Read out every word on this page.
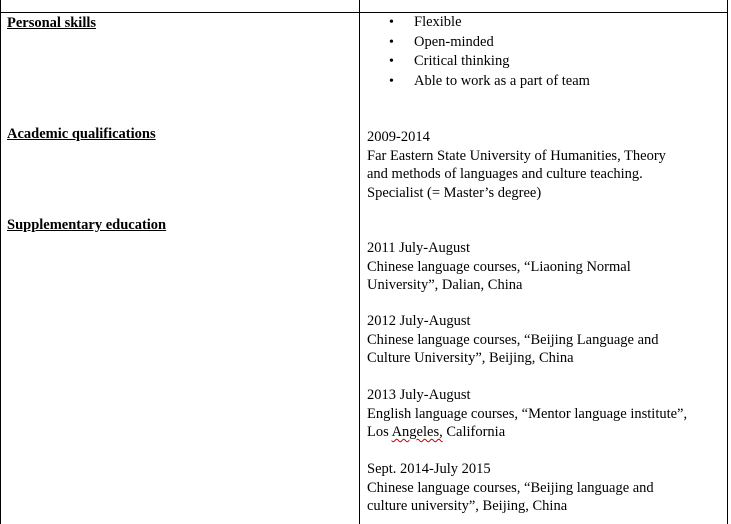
Personal skills
•	Flexible
• Open-minded
• Critical thinking
• Able to work as a part of team
Academic qualifications	2009-2014
Far Eastern State University of Humanities, Theory
and methods of languages and culture teaching.
Specialist (= Master’s degree)
Supplementary education
2011 July-August
Chinese language courses, “Liaoning Normal
University”, Dalian, China
2012 July-August
Chinese language courses, “Beijing Language and
Culture University”, Beijing, China
2013 July-August
English language courses, “Mentor language institute”,
Los Angeles, California
Sept. 2014-July 2015
Chinese language courses, “Beijing language and
culture university”, Beijing, China
